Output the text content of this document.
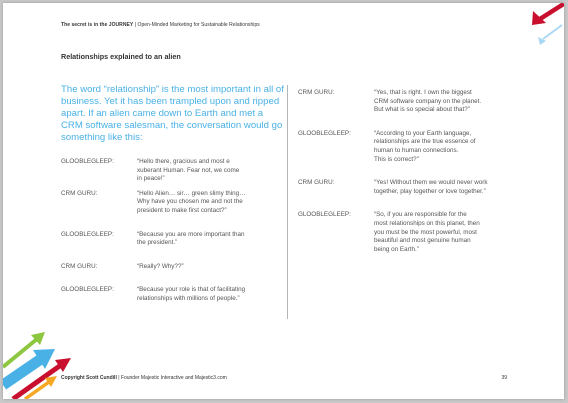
The secret is in the JOURNEY | Open-Minded Marketing for Sustainable Relationships
Relationships explained to an alien
The word “relationship” is the most important in all of
business. Yet it has been trampled upon and ripped
apart. If an alien came down to Earth and met a
CRM software salesman, the conversation would go
something like this:
GLOOBLEGLEEP:	“Hello there, gracious and most e
xuberant Human. Fear not, we come
in peace!”
CRM GURU:	“Hello Alien… sir… green slimy thing…
Why have you chosen me and not the
president to make first contact?”
GLOOBLEGLEEP:	“Because you are more important than
the president.”
CRM GURU:	“Really? Why??”
GLOOBLEGLEEP:	“Because your role is that of facilitating
relationships with millions of people.”
CRM GURU:	“Yes, that is right. I own the biggest
CRM software company on the planet.
But what is so special about that?”
GLOOBLEGLEEP:	“According to your Earth language,
relationships are the true essence of
human to human connections.
This is correct?”
CRM GURU:	“Yes! Without them we would never work
together, play together or love together.”
GLOOBLEGLEEP:	“So, if you are responsible for the
most relationships on this planet, then
you must be the most powerful, most
beautiful and most genuine human
being on Earth.”
Copyright Scott Cundill | Founder Majestic Interactive and Majestic3.com	39
